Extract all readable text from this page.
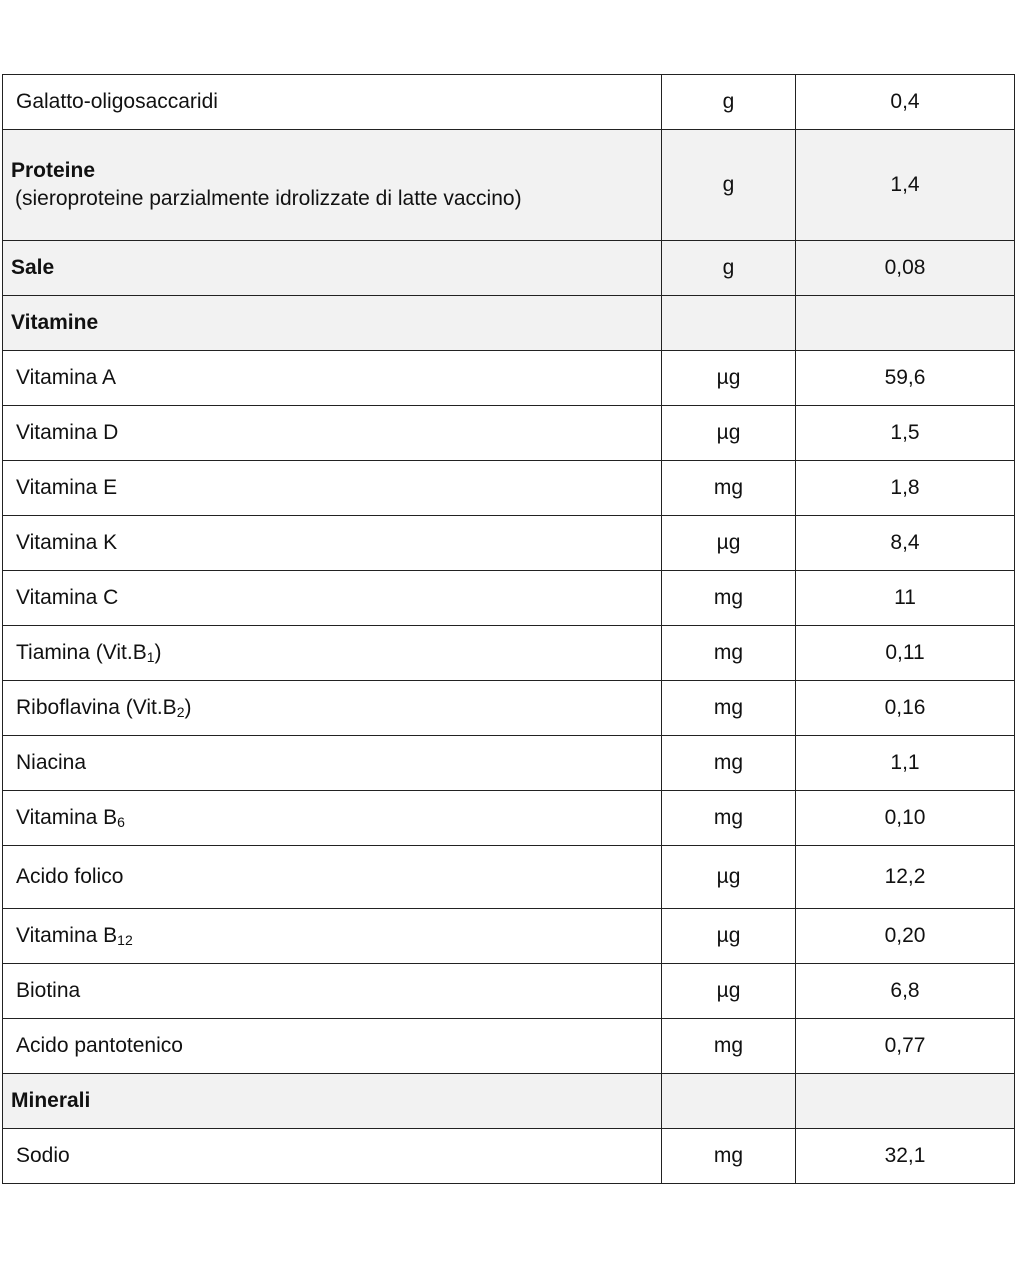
Galatto-oligosaccaridi	g	0,4
Proteine
(sieroproteine parzialmente idrolizzate di latte vaccino)	g	1,4
Sale	g	0,08
Vitamine		
Vitamina A	µg	59,6
Vitamina D	µg	1,5
Vitamina E	mg	1,8
Vitamina K	µg	8,4
Vitamina C	mg	11
Tiamina $(Vit.B_1)$	mg	0,11
Riboflavina $(Vit.B_2)$	mg	0,16
Niacina	mg	1,1
Vitamina $B_6$	mg	0,10
Acido folico	µg	12,2
Vitamina $B_{12}$	µg	0,20
Biotina	µg	6,8
Acido pantotenico	mg	0,77
Minerali		
Sodio	mg	32,1
